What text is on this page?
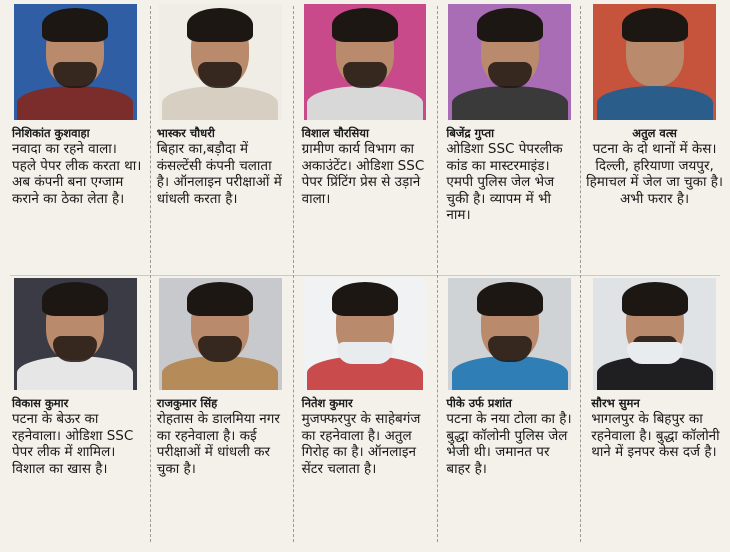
निशिकांत कुशवाहा
नवादा का रहने वाला। पहले पेपर लीक करता था। अब कंपनी बना एग्जाम कराने का ठेका लेता है।
भास्कर चौधरी
बिहार का,बड़ौदा में कंसल्टेंसी कंपनी चलाता है। ऑनलाइन परीक्षाओं में धांधली करता है।
विशाल चौरसिया
ग्रामीण कार्य विभाग का अकाउंटेंट। ओडिशा SSC पेपर प्रिंटिंग प्रेस से उड़ाने वाला।
बिजेंद्र गुप्ता
ओडिशा SSC पेपरलीक कांड का मास्टरमाइंड। एमपी पुलिस जेल भेज चुकी है। व्यापम में भी नाम।
अतुल वत्स
पटना के दो थानों में केस। दिल्ली, हरियाणा जयपुर, हिमाचल में जेल जा चुका है। अभी फरार है।
विकास कुमार
पटना के बेऊर का रहनेवाला। ओडिशा SSC पेपर लीक में शामिल। विशाल का खास है।
राजकुमार सिंह
रोहतास के डालमिया नगर का रहनेवाला है। कई परीक्षाओं में धांधली कर चुका है।
नितेश कुमार
मुजफ्फरपुर के साहेबगंज का रहनेवाला है। अतुल गिरोह का है। ऑनलाइन सेंटर चलाता है।
पीके उर्फ प्रशांत
पटना के नया टोला का है। बुद्धा कॉलोनी पुलिस जेल भेजी थी। जमानत पर बाहर है।
सौरभ सुमन
भागलपुर के बिहपुर का रहनेवाला है। बुद्धा कॉलोनी थाने में इनपर केस दर्ज है।
